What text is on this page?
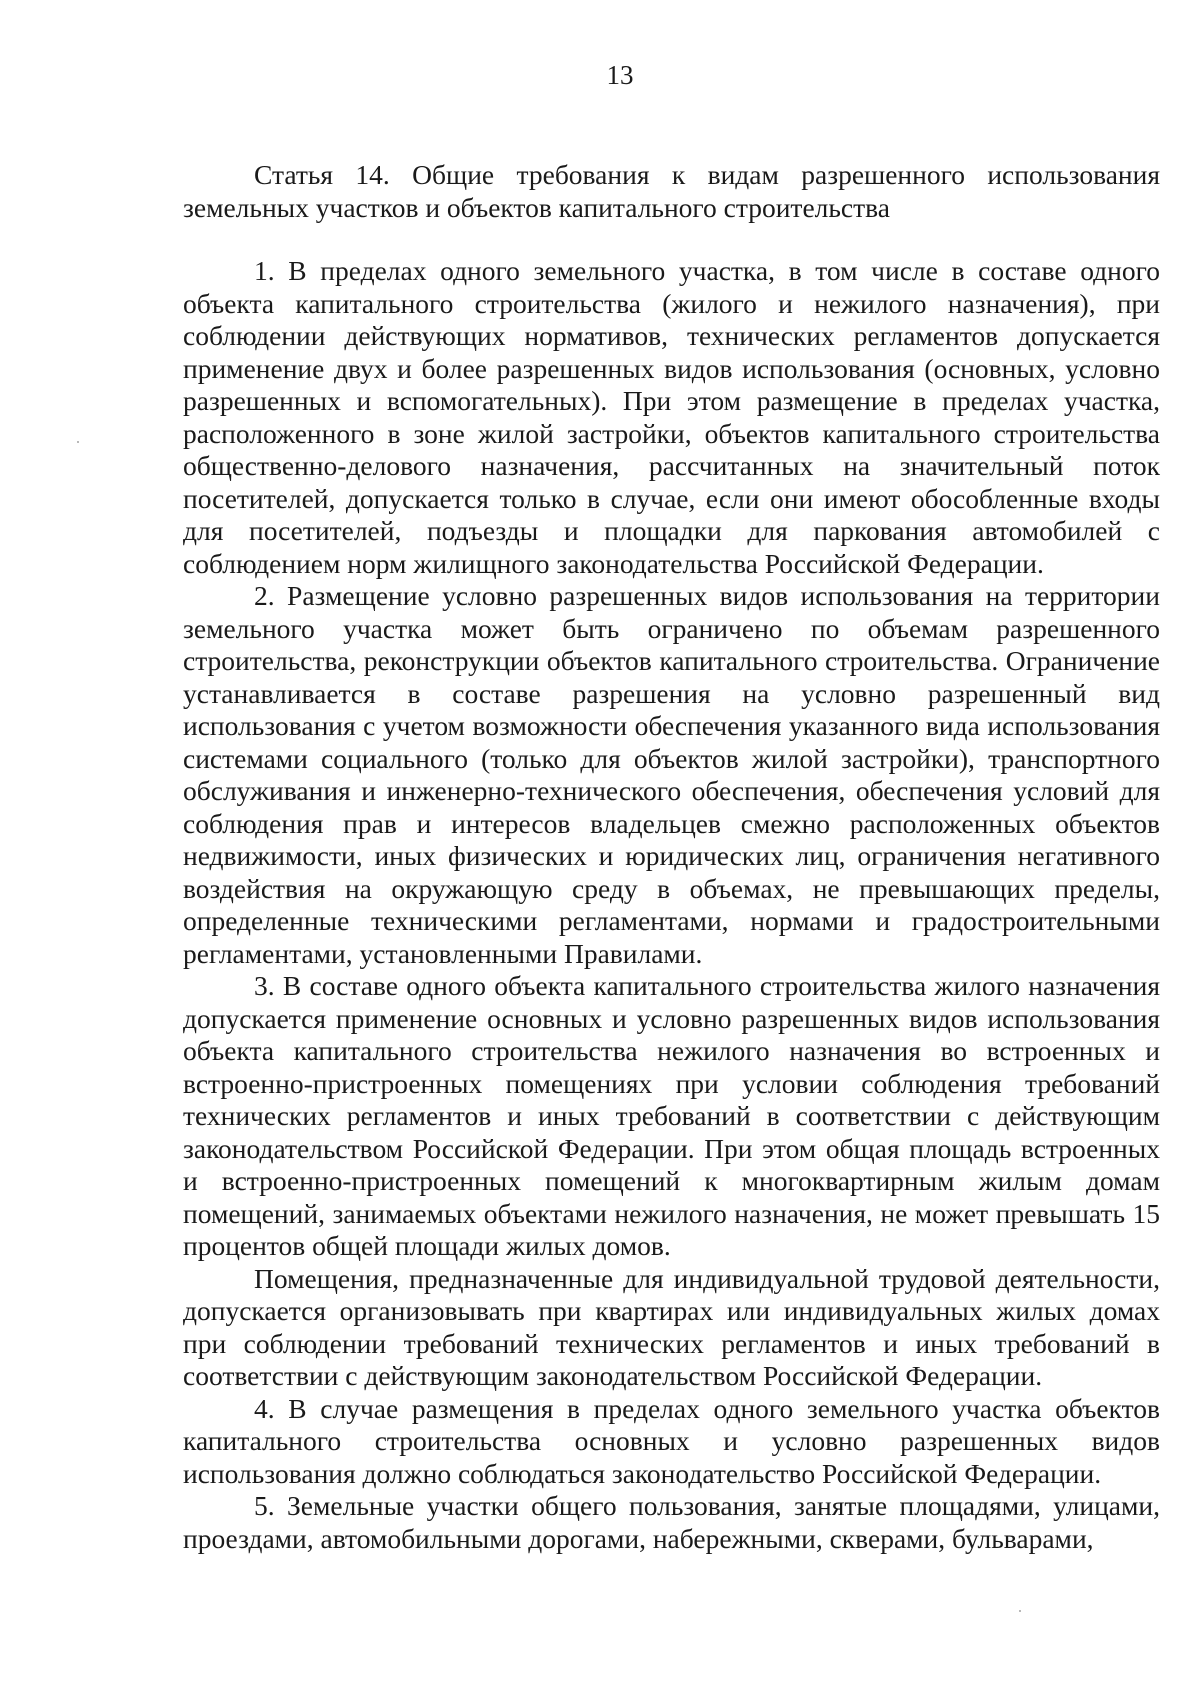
13

Статья 14. Общие требования к видам разрешенного использования земельных участков и объектов капитального строительства

1. В пределах одного земельного участка, в том числе в составе одного объекта капитального строительства (жилого и нежилого назначения), при соблюдении действующих нормативов, технических регламентов допускается применение двух и более разрешенных видов использования (основных, условно разрешенных и вспомогательных). При этом размещение в пределах участка, расположенного в зоне жилой застройки, объектов капитального строительства общественно-делового назначения, рассчитанных на значительный поток посетителей, допускается только в случае, если они имеют обособленные входы для посетителей, подъезды и площадки для паркования автомобилей с соблюдением норм жилищного законодательства Российской Федерации.

2. Размещение условно разрешенных видов использования на территории земельного участка может быть ограничено по объемам разрешенного строительства, реконструкции объектов капитального строительства. Ограничение устанавливается в составе разрешения на условно разрешенный вид использования с учетом возможности обеспечения указанного вида использования системами социального (только для объектов жилой застройки), транспортного обслуживания и инженерно-технического обеспечения, обеспечения условий для соблюдения прав и интересов владельцев смежно расположенных объектов недвижимости, иных физических и юридических лиц, ограничения негативного воздействия на окружающую среду в объемах, не превышающих пределы, определенные техническими регламентами, нормами и градостроительными регламентами, установленными Правилами.

3. В составе одного объекта капитального строительства жилого назначения допускается применение основных и условно разрешенных видов использования объекта капитального строительства нежилого назначения во встроенных и встроенно-пристроенных помещениях при условии соблюдения требований технических регламентов и иных требований в соответствии с действующим законодательством Российской Федерации. При этом общая площадь встроенных и встроенно-пристроенных помещений к многоквартирным жилым домам помещений, занимаемых объектами нежилого назначения, не может превышать 15 процентов общей площади жилых домов.

Помещения, предназначенные для индивидуальной трудовой деятельности, допускается организовывать при квартирах или индивидуальных жилых домах при соблюдении требований технических регламентов и иных требований в соответствии с действующим законодательством Российской Федерации.

4. В случае размещения в пределах одного земельного участка объектов капитального строительства основных и условно разрешенных видов использования должно соблюдаться законодательство Российской Федерации.

5. Земельные участки общего пользования, занятые площадями, улицами, проездами, автомобильными дорогами, набережными, скверами, бульварами,
